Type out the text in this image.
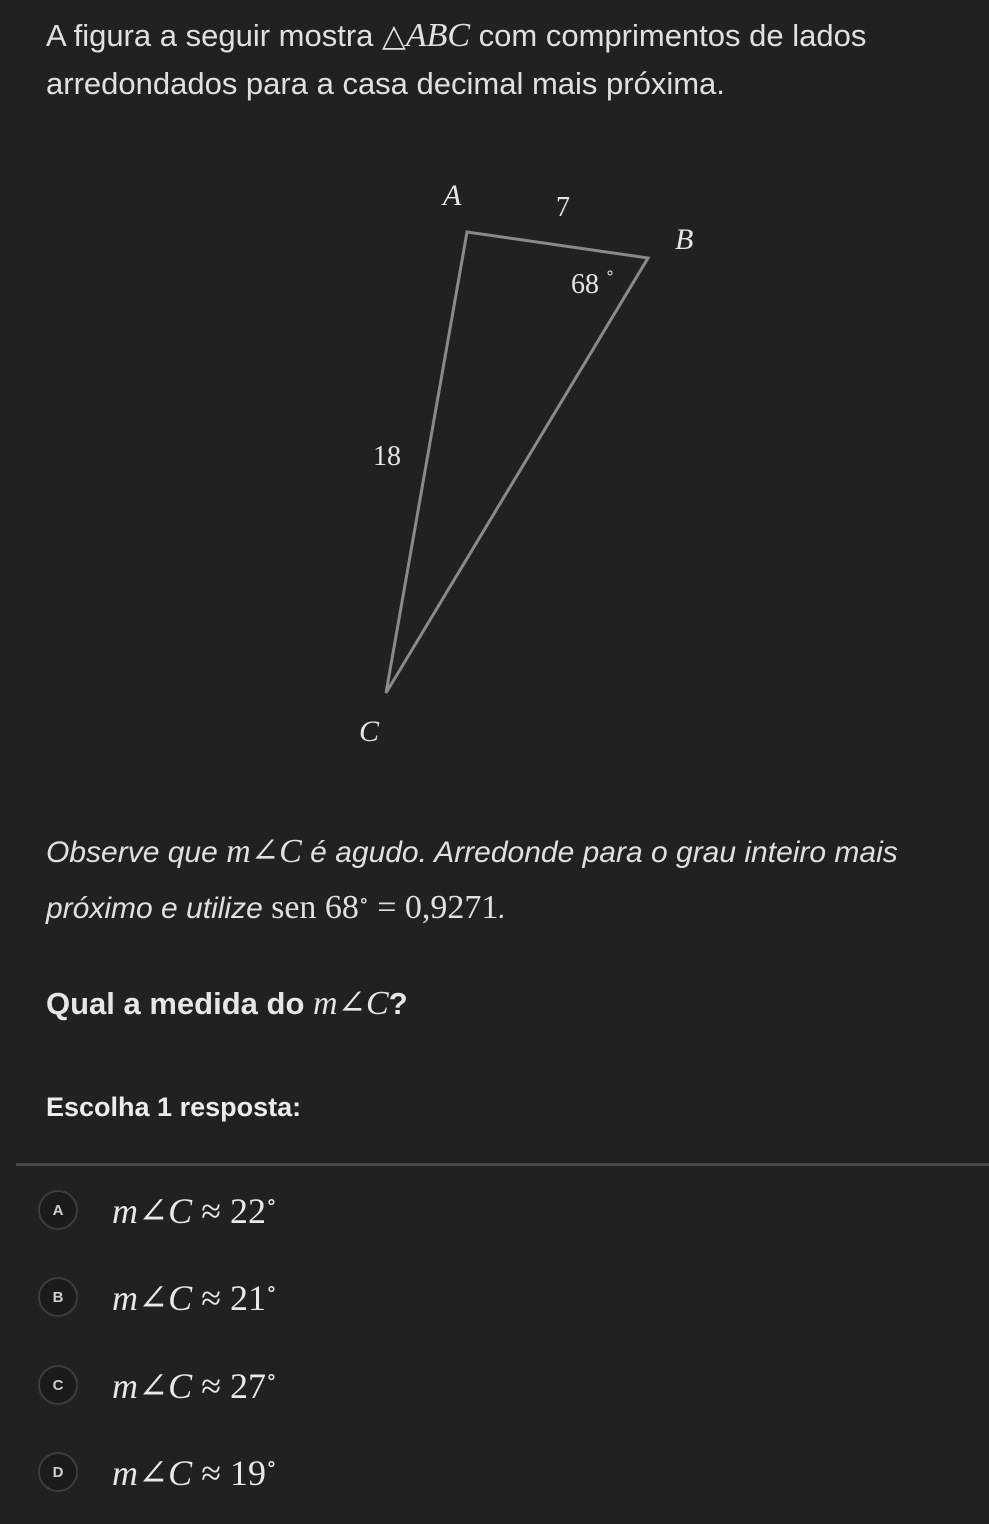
A figura a seguir mostra △ABC com comprimentos de lados arredondados para a casa decimal mais próxima.
A
B
C
7
18
68 ∘
Observe que m∠C é agudo. Arredonde para o grau inteiro mais próximo e utilize sen 68∘ = 0,9271.
Qual a medida do m∠C?
Escolha 1 resposta:
A	m∠C ≈ 22∘
B	m∠C ≈ 21∘
C	m∠C ≈ 27∘
D	m∠C ≈ 19∘
